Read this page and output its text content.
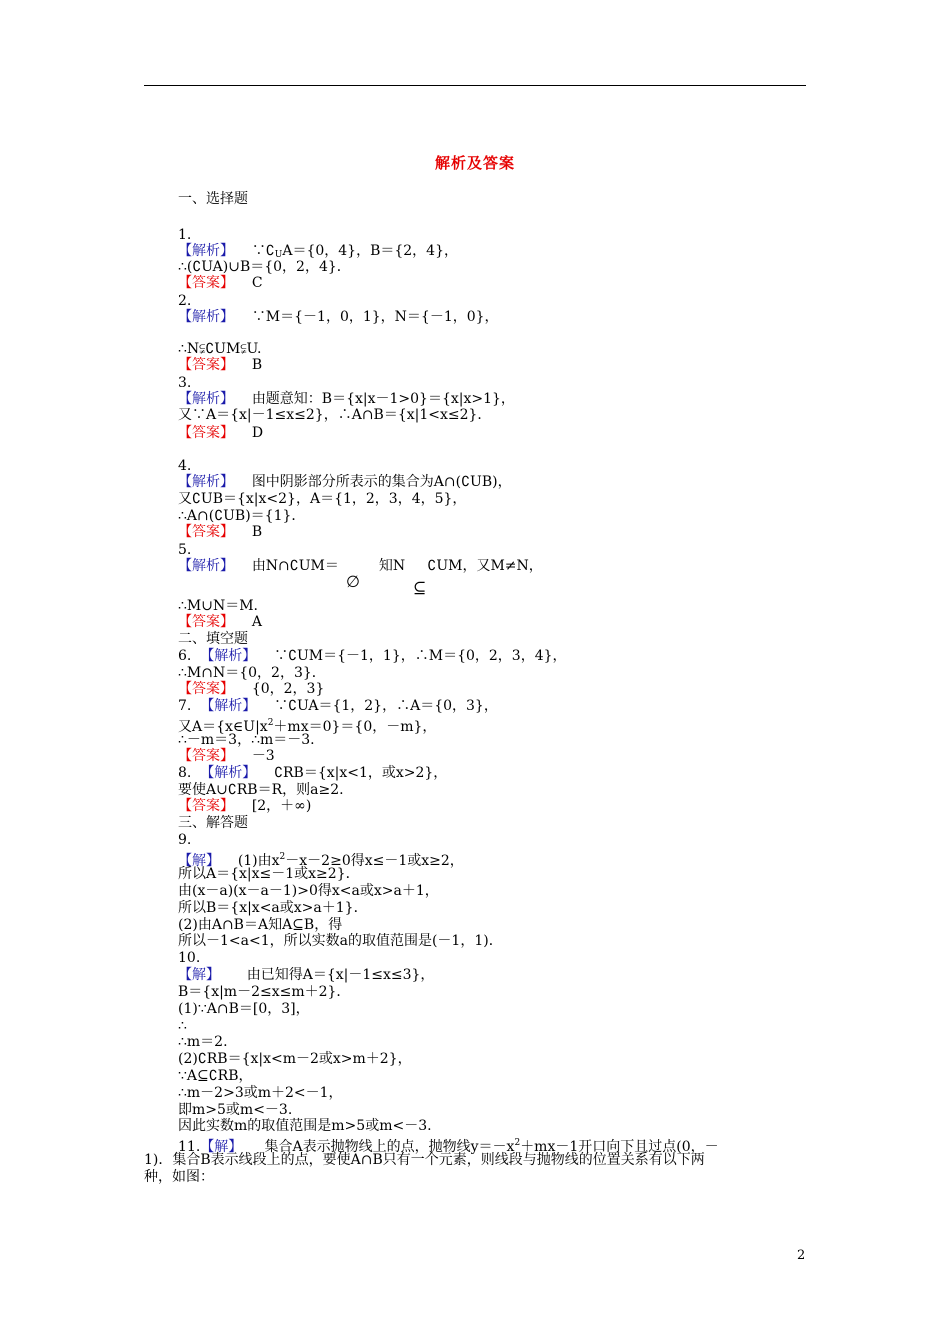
解析及答案
一、选择题
1.
【解析】 $\because∁_UA=\{0$，4}，B＝{2，4}，
∴(∁UA)∪B＝{0，2，4}．
【答案】 C
2.
【解析】 ∵M＝{－1，0，1}，N＝{－1，0}，
∴N⫋∁UM⫋U.
【答案】 B
3.
【解析】 由题意知：B＝{x|x－1>0}＝{x|x>1}，
又∵A＝{x|－1≤x≤2}，∴A∩B＝{x|1<x≤2}．
【答案】 D
4.
【解析】 图中阴影部分所表示的集合为A∩(∁UB)，
又∁UB＝{x|x<2}，A＝{1，2，3，4，5}，
∴A∩(∁UB)＝{1}．
【答案】 B
5.
【解析】 由N∩∁UM＝	知N ∁UM，又M≠N，
∅	⊆
∴M∪N＝M.
【答案】 A
二、填空题
6. 【解析】 ∵∁UM＝{－1，1}，∴M＝{0，2，3，4}，
∴M∩N＝{0，2，3}．
【答案】 {0，2，3}
7. 【解析】 ∵∁UA＝{1，2}，∴A＝{0，3}，
又$A=\{x\in U|x^2+mx=0\}=\{0$，－m}，
∴－m＝3，∴m＝－3.
【答案】 －3
8. 【解析】 ∁RB＝{x|x<1，或x>2}，
要使A∪∁RB＝R，则a≥2.
【答案】 [2，＋∞)
三、解答题
9.
【解】 (1)由$x^2-x-2\ge 0$得x≤－1或x≥2，
所以A＝{x|x≤－1或x≥2}．
由(x－a)(x－a－1)>0得x<a或x>a＋1，
所以B＝{x|x<a或x>a＋1}．
(2)由A∩B＝A知A⊆B，得
所以－1<a<1，所以实数a的取值范围是(－1，1)．
10.
【解】 由已知得A＝{x|－1≤x≤3}，
B＝{x|m－2≤x≤m＋2}．
(1)∵A∩B＝[0，3]，
∴
∴m＝2.
(2)∁RB＝{x|x<m－2或x>m＋2}，
∵A⊆∁RB，
∴m－2>3或m＋2<－1，
即m>5或m<－3.
因此实数m的取值范围是m>5或m<－3.
11.【解】 集合A表示抛物线上的点，抛物线$y=-x^2+mx-1$开口向下且过点(0，－
1)．集合B表示线段上的点，要使A∩B只有一个元素，则线段与抛物线的位置关系有以下两
种，如图：
2
